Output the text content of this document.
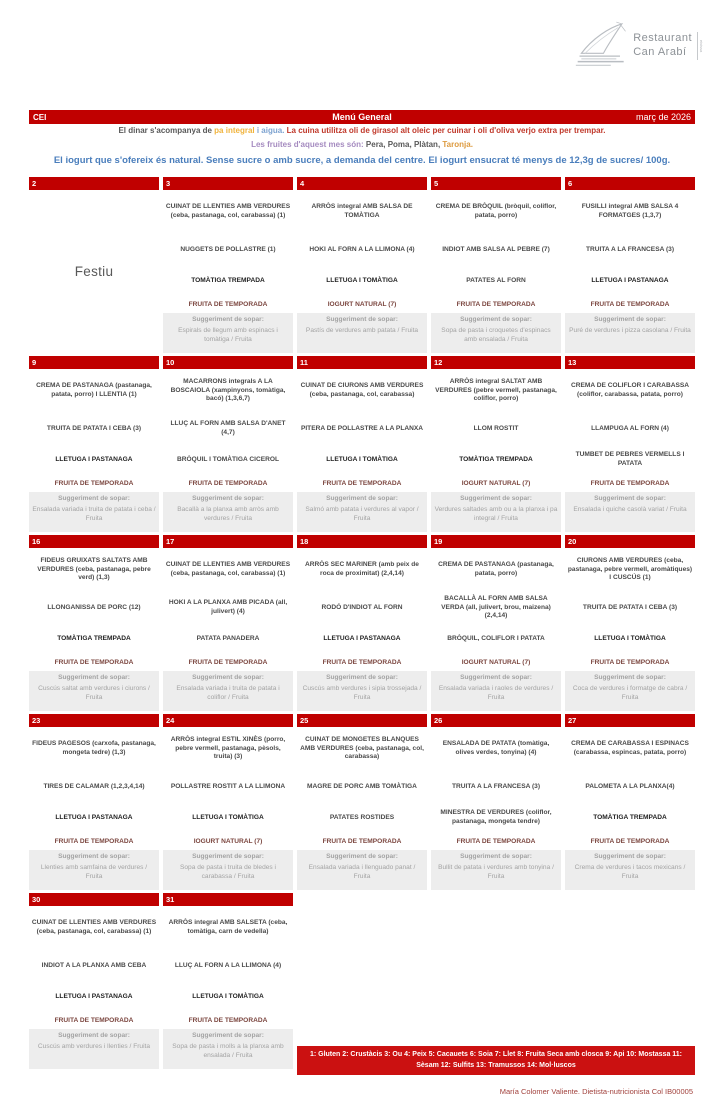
Restaurant
Can Arabí	eivissa
CEI	Menú General	març de 2026
El dinar s'acompanya de pa integral i aigua. La cuina utilitza oli de girasol alt oleic per cuinar i oli d'oliva verjo extra per trempar.
Les fruites d'aquest mes són: Pera, Poma, Plàtan, Taronja.
El iogurt que s'ofereix és natural. Sense sucre o amb sucre, a demanda del centre. El iogurt ensucrat té menys de 12,3g de sucres/ 100g.
2
Festiu
3
CUINAT DE LLENTIES AMB VERDURES (ceba, pastanaga, col, carabassa) (1)
NUGGETS DE POLLASTRE (1)
TOMÀTIGA TREMPADA
FRUITA DE TEMPORADA
Suggeriment de sopar:
Espirals de llegum amb espinacs i tomàtiga / Fruita
4
ARRÒS integral AMB SALSA DE TOMÀTIGA
HOKI AL FORN A LA LLIMONA (4)
LLETUGA I TOMÀTIGA
IOGURT NATURAL (7)
Suggeriment de sopar:
Pastís de verdures amb patata / Fruita
5
CREMA DE BRÒQUIL (bròquil, coliflor, patata, porro)
INDIOT AMB SALSA AL PEBRE (7)
PATATES AL FORN
FRUITA DE TEMPORADA
Suggeriment de sopar:
Sopa de pasta i croquetes d'espinacs amb ensalada / Fruita
6
FUSILLI integral AMB SALSA 4 FORMATGES (1,3,7)
TRUITA A LA FRANCESA (3)
LLETUGA I PASTANAGA
FRUITA DE TEMPORADA
Suggeriment de sopar:
Puré de verdures i pizza casolana / Fruita
9
CREMA DE PASTANAGA (pastanaga, patata, porro) I LLENTIA (1)
TRUITA DE PATATA I CEBA (3)
LLETUGA I PASTANAGA
FRUITA DE TEMPORADA
Suggeriment de sopar:
Ensalada variada i truita de patata i ceba / Fruita
10
MACARRONS integrals A LA BOSCAIOLA (xampinyons, tomàtiga, bacó) (1,3,6,7)
LLUÇ AL FORN AMB SALSA D'ANET (4,7)
BRÒQUIL I TOMÀTIGA CICEROL
FRUITA DE TEMPORADA
Suggeriment de sopar:
Bacallà a la planxa amb arròs amb verdures / Fruita
11
CUINAT DE CIURONS AMB VERDURES (ceba, pastanaga, col, carabassa)
PITERA DE POLLASTRE A LA PLANXA
LLETUGA I TOMÀTIGA
FRUITA DE TEMPORADA
Suggeriment de sopar:
Salmó amb patata i verdures al vapor / Fruita
12
ARRÒS integral SALTAT AMB VERDURES (pebre vermell, pastanaga, coliflor, porro)
LLOM ROSTIT
TOMÀTIGA TREMPADA
IOGURT NATURAL (7)
Suggeriment de sopar:
Verdures saltades amb ou a la planxa i pa integral / Fruita
13
CREMA DE COLIFLOR I CARABASSA (coliflor, carabassa, patata, porro)
LLAMPUGA AL FORN (4)
TUMBET DE PEBRES VERMELLS I PATATA
FRUITA DE TEMPORADA
Suggeriment de sopar:
Ensalada i quiche casolà variat / Fruita
16
FIDEUS GRUIXATS SALTATS AMB VERDURES (ceba, pastanaga, pebre verd) (1,3)
LLONGANISSA DE PORC (12)
TOMÀTIGA TREMPADA
FRUITA DE TEMPORADA
Suggeriment de sopar:
Cuscús saltat amb verdures i ciurons / Fruita
17
CUINAT DE LLENTIES AMB VERDURES (ceba, pastanaga, col, carabassa) (1)
HOKI A LA PLANXA AMB PICADA (all, julivert) (4)
PATATA PANADERA
FRUITA DE TEMPORADA
Suggeriment de sopar:
Ensalada variada i truita de patata i coliflor / Fruita
18
ARRÒS SEC MARINER (amb peix de roca de proximitat) (2,4,14)
RODÓ D'INDIOT AL FORN
LLETUGA I PASTANAGA
FRUITA DE TEMPORADA
Suggeriment de sopar:
Cuscús amb verdures i sipia trossejada / Fruita
19
CREMA DE PASTANAGA (pastanaga, patata, porro)
BACALLÀ AL FORN AMB SALSA VERDA (all, julivert, brou, maizena) (2,4,14)
BRÒQUIL, COLIFLOR I PATATA
IOGURT NATURAL (7)
Suggeriment de sopar:
Ensalada variada i raoles de verdures / Fruita
20
CIURONS AMB VERDURES (ceba, pastanaga, pebre vermell, aromàtiques) I CUSCÚS (1)
TRUITA DE PATATA I CEBA (3)
LLETUGA I TOMÀTIGA
FRUITA DE TEMPORADA
Suggeriment de sopar:
Coca de verdures i formatge de cabra / Fruita
23
FIDEUS PAGESOS (carxofa, pastanaga, mongeta tedre) (1,3)
TIRES DE CALAMAR (1,2,3,4,14)
LLETUGA I PASTANAGA
FRUITA DE TEMPORADA
Suggeriment de sopar:
Llenties amb samfaina de verdures / Fruita
24
ARRÒS integral ESTIL XINÈS (porro, pebre vermell, pastanaga, pèsols, truita) (3)
POLLASTRE ROSTIT A LA LLIMONA
LLETUGA I TOMÀTIGA
IOGURT NATURAL (7)
Suggeriment de sopar:
Sopa de pasta i truita de bledes i carabassa / Fruita
25
CUINAT DE MONGETES BLANQUES AMB VERDURES (ceba, pastanaga, col, carabassa)
MAGRE DE PORC AMB TOMÀTIGA
PATATES ROSTIDES
FRUITA DE TEMPORADA
Suggeriment de sopar:
Ensalada variada i llenguado panat / Fruita
26
ENSALADA DE PATATA (tomàtiga, olives verdes, tonyina) (4)
TRUITA A LA FRANCESA (3)
MINESTRA DE VERDURES (coliflor, pastanaga, mongeta tendre)
FRUITA DE TEMPORADA
Suggeriment de sopar:
Bullit de patata i verdures amb tonyina / Fruita
27
CREMA DE CARABASSA I ESPINACS (carabassa, espincas, patata, porro)
PALOMETA A LA PLANXA(4)
TOMÀTIGA TREMPADA
FRUITA DE TEMPORADA
Suggeriment de sopar:
Crema de verdures i tacos mexicans / Fruita
30
CUINAT DE LLENTIES AMB VERDURES (ceba, pastanaga, col, carabassa) (1)
INDIOT A LA PLANXA AMB CEBA
LLETUGA I PASTANAGA
FRUITA DE TEMPORADA
Suggeriment de sopar:
Cuscús amb verdures i llenties / Fruita
31
ARRÒS integral AMB SALSETA (ceba, tomàtiga, carn de vedella)
LLUÇ AL FORN A LA LLIMONA (4)
LLETUGA I TOMÀTIGA
FRUITA DE TEMPORADA
Suggeriment de sopar:
Sopa de pasta i molls a la planxa amb ensalada / Fruita	1: Gluten 2: Crustàcis 3: Ou 4: Peix 5: Cacauets 6: Soia 7: Llet 8: Fruita Seca amb closca 9: Api 10: Mostassa 11: Sèsam 12: Sulfits 13: Tramussos 14: Mol·luscos
María Colomer Valiente. Dietista-nutricionista Col IB00005
